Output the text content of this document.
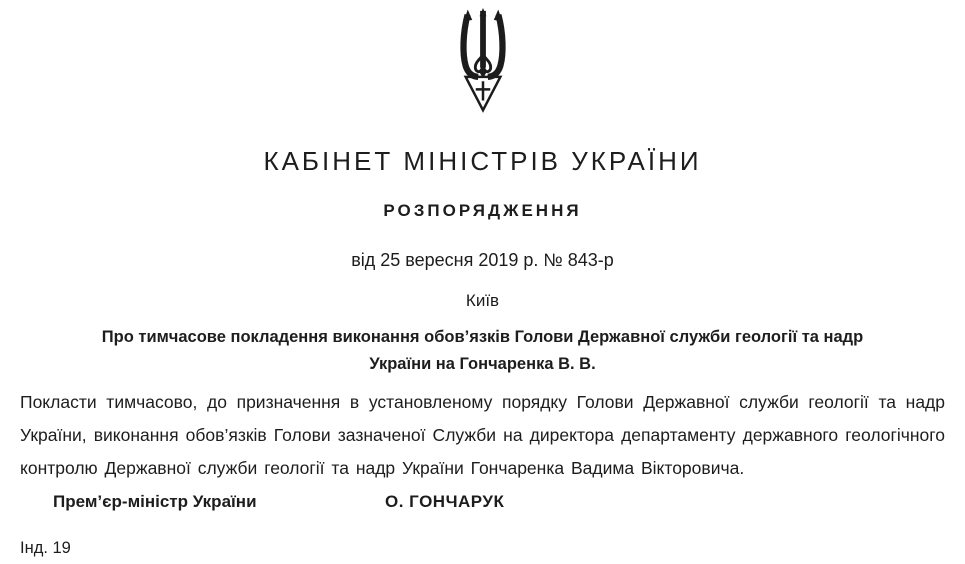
КАБІНЕТ МІНІСТРІВ УКРАЇНИ
РОЗПОРЯДЖЕННЯ
від 25 вересня 2019 р. № 843-р
Київ
Про тимчасове покладення виконання обов’язків Голови Державної служби геології та надр
України на Гончаренка В. В.

Покласти тимчасово, до призначення в установленому порядку Голови Державної служби геології та надр України, виконання обов’язків Голови зазначеної Служби на директора департаменту державного геологічного контролю Державної служби геології та надр України Гончаренка Вадима Вікторовича.

Прем’єр-міністр України	О. ГОНЧАРУК
Інд. 19
